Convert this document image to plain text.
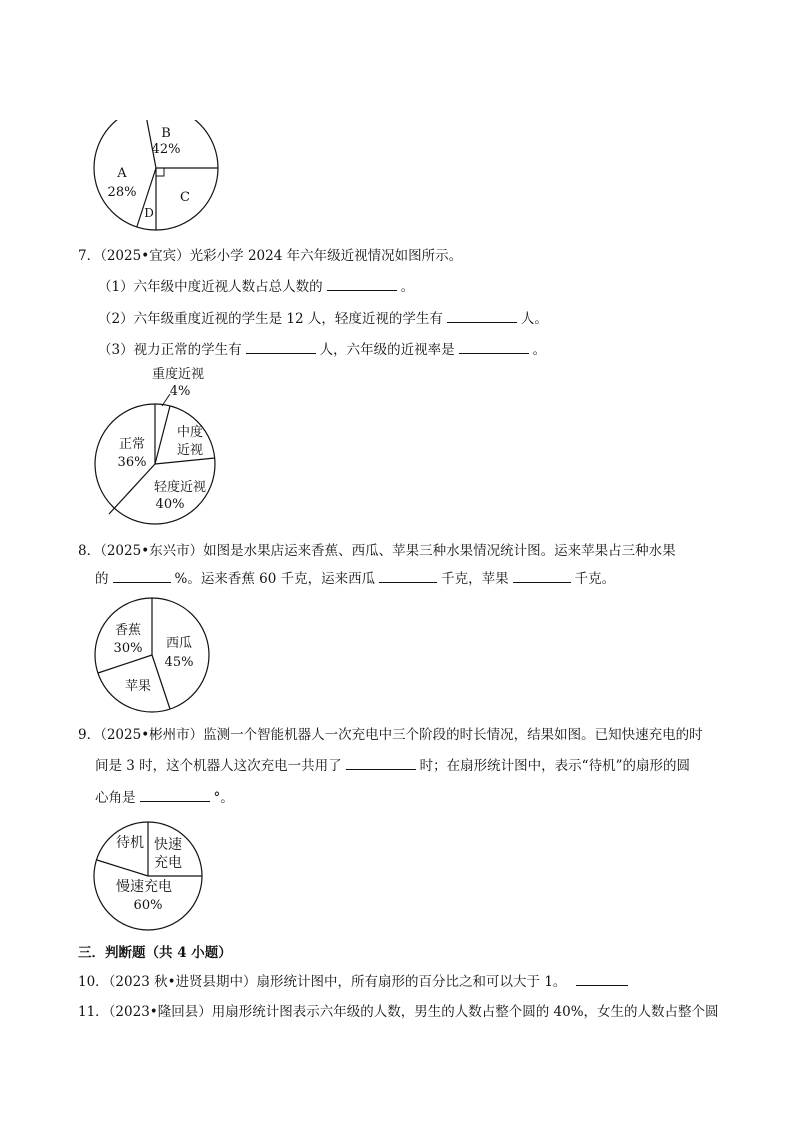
B
42%
A
28%	C
D
7．（2025•宜宾）光彩小学 2024 年六年级近视情况如图所示。
（1）六年级中度近视人数占总人数的	。
（2）六年级重度近视的学生是 12 人，轻度近视的学生有	人。
（3）视力正常的学生有	人，六年级的近视率是	。
重度近视
4%
中度
近视
正常
36%
轻度近视
40%
8．（2025•东兴市）如图是水果店运来香蕉、西瓜、苹果三种水果情况统计图。运来苹果占三种水果
的	%。运来香蕉 60 千克，运来西瓜	千克，苹果	千克。
香蕉
30% 西瓜
45%
苹果
9．（2025•彬州市）监测一个智能机器人一次充电中三个阶段的时长情况，结果如图。已知快速充电的时
间是 3 时，这个机器人这次充电一共用了	时；在扇形统计图中，表示“待机”的扇形的圆
心角是	°。
待机 快速
充电
慢速充电
60%
三．判断题（共 4 小题）
10．（2023 秋•进贤县期中）扇形统计图中，所有扇形的百分比之和可以大于 1。
11．（2023•隆回县）用扇形统计图表示六年级的人数，男生的人数占整个圆的 40%，女生的人数占整个圆
